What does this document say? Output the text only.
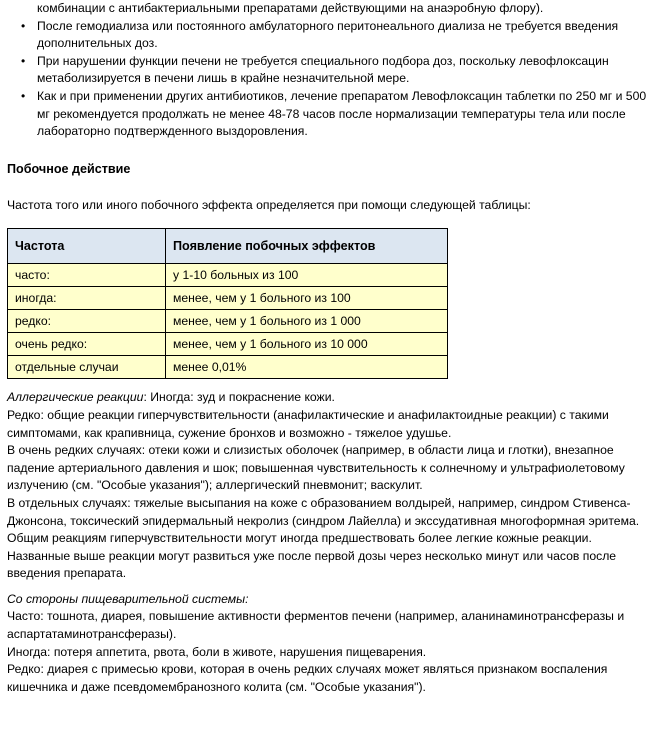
комбинации с антибактериальными препаратами действующими на анаэробную флору).
• После гемодиализа или постоянного амбулаторного перитонеального диализа не требуется введения дополнительных доз.
• При нарушении функции печени не требуется специального подбора доз, поскольку левофлоксацин метаболизируется в печени лишь в крайне незначительной мере.
• Как и при применении других антибиотиков, лечение препаратом Левофлоксацин таблетки по 250 мг и 500 мг рекомендуется продолжать не менее 48-78 часов после нормализации температуры тела или после лабораторно подтвержденного выздоровления.
Побочное действие
Частота того или иного побочного эффекта определяется при помощи следующей таблицы:
Частота	Появление побочных эффектов
часто:	у 1-10 больных из 100
иногда:	менее, чем у 1 больного из 100
редко:	менее, чем у 1 больного из 1 000
очень редко:	менее, чем у 1 больного из 10 000
отдельные случаи	менее 0,01%

Аллергические реакции: Иногда: зуд и покраснение кожи.

Редко: общие реакции гиперчувствительности (анафилактические и анафилактоидные реакции) с такими симптомами, как крапивница, сужение бронхов и возможно - тяжелое удушье.

В очень редких случаях: отеки кожи и слизистых оболочек (например, в области лица и глотки), внезапное падение артериального давления и шок; повышенная чувствительность к солнечному и ультрафиолетовому излучению (см. "Особые указания"); аллергический пневмонит; васкулит.

В отдельных случаях: тяжелые высыпания на коже с образованием волдырей, например, синдром Стивенса-Джонсона, токсический эпидермальный некролиз (синдром Лайелла) и экссудативная многоформная эритема. Общим реакциям гиперчувствительности могут иногда предшествовать более легкие кожные реакции. Названные выше реакции могут развиться уже после первой дозы через несколько минут или часов после введения препарата.

Со стороны пищеварительной системы:

Часто: тошнота, диарея, повышение активности ферментов печени (например, аланинаминотрансферазы и аспартатаминотрансферазы).

Иногда: потеря аппетита, рвота, боли в животе, нарушения пищеварения.

Редко: диарея с примесью крови, которая в очень редких случаях может являться признаком воспаления кишечника и даже псевдомембранозного колита (см. "Особые указания").
